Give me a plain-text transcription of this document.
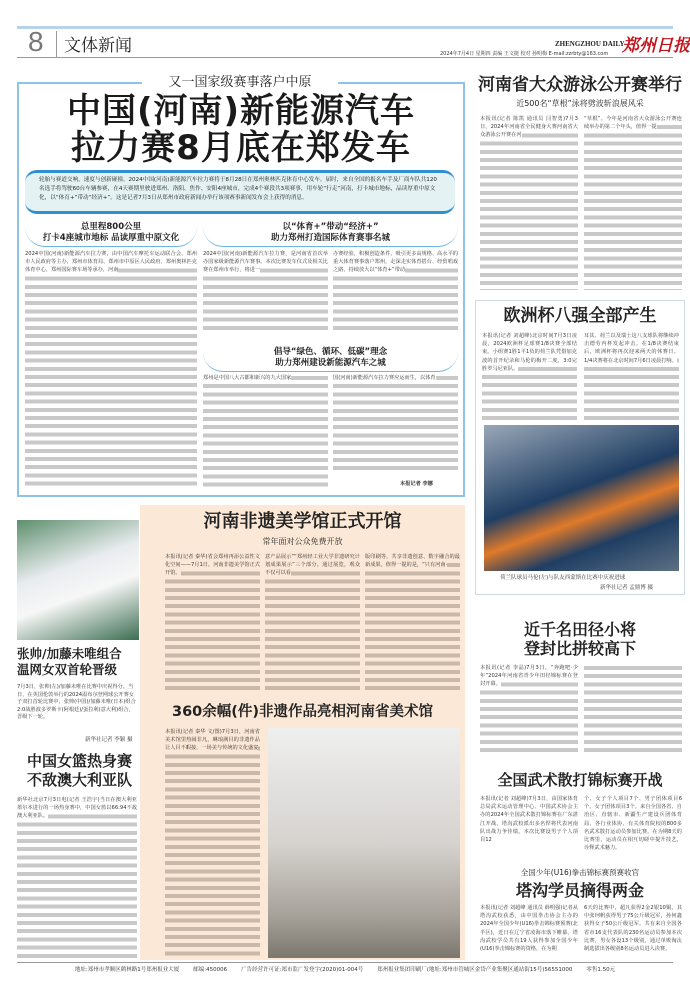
8 文体新闻	ZHENGZHOU DAILY
2024年7月4日 星期四 责编 王文捷 校对 孙明梅 E-mail:zzrbty@163.com 郑州日报
又一国家级赛事落户中原
中国(河南)新能源汽车
拉力赛8月底在郑发车
轮胎与赛道交响，速度与创新碰撞。2024中国(河南)新能源汽车拉力赛将于8月28日在郑州奥林匹克体育中心发车。届时，来自全国的报名车手及厂商车队共120名选手将驾驶60台车辆参赛，在4天赛期里驶进郑州、洛阳、焦作、安阳4座城市，完成4个赛段共3项赛事，用车轮“行走”河南，打卡城市地标，品读厚重中原文化，以“体育+”带动“经济+”。这是记者7月3日从郑州市政府新闻办举行该项赛事新闻发布会上获得的消息。
总里程800公里
打卡4座城市地标 品读厚重中原文化
2024中国(河南)新能源汽车拉力赛，由中国汽车摩托车运动联合会、郑州市人民政府等主办，郑州市体育局、郑州市中原区人民政府、郑州奥林匹克体育中心、郑州国际赛车场等承办，河南
以“体育+”带动“经济+”
助力郑州打造国际体育赛事名城
2024中国(河南)新能源汽车拉力赛，是河南省首次举办国家级新能源汽车赛事。本次比赛发车仪式及相关比赛在郑州市举行，将进一
办赛经验，积极创造条件，吸引更多高规格、高水平的重大体育赛事落户郑州，走深走实体育搭台、经贸唱戏之路，持续放大以“体育+”带动
倡导“绿色、循环、低碳”理念
助力郑州建设新能源汽车之城
郑州是中国八大古都和新兴的九大国家	国(河南)新能源汽车拉力赛应运而生，以体育
本报记者 李娜
河南省大众游泳公开赛举行
近500名“草根”泳将劈波斩浪展风采
本报讯(记者 陈凯 通讯员 闫智勇)7月3日，2024年河南省全民健身大赛河南省大众游泳公开赛在河
“草根”。今年是河南省大众游泳公开赛连续举办的第二个年头，值得一提
欧洲杯八强全部产生
本报讯(记者 刘超峰)北京时间7月3日凌晨，2024欧洲杯足球赛1/8决赛全部结束。小组赛1胜1平1负的荷兰队凭借加克波的首开纪录和马伦的梅开二度，3:0完胜罗马尼亚队。
耳其、荷兰以及瑞士这八支球队将继续冲击德劳内杯发起冲击。在1/8决赛结束后，欧洲杯将再次迎来两天的休赛日。1/4决赛将在北京时间7月6日凌晨打响。
荷兰队球员马伦(左)与队友西蒙斯在比赛中庆祝进球
新华社记者 孟鼎博 摄
张帅/加藤未唯组合
温网女双首轮晋级
7月3日，张帅(左)/加藤未唯在比赛中庆祝得分。当日，在英国伦敦举行的2024温布尔登网球公开赛女子双打首轮比赛中，张帅(中国)/加藤未唯(日本)组合2:0战胜波多罗斯卡(阿根廷)/蛋拉利(意大利)组合，晋级下一轮。
新华社记者 李颖 摄
中国女篮热身赛
不敌澳大利亚队
新华社北京7月3日电(记者 王浩宇)当日在澳大利亚墨尔本进行的一场热身赛中，中国女篮以66:94不敌澳大利亚队。
河南非遗美学馆正式开馆
常年面对公众免费开放
本报讯(记者 秦华)省会郑州再添公益性文化空间——7月1日，河南非遗美学馆正式开馆。
意产品展示”“郑州轻工业大学非遗研究计划成果展示”三个部分。通过展览，观众不仅可以看
版印刷等，共享非遗创意、数字融合的最新成果。值得一提的是，“只有河南·
360余幅(件)非遗作品亮相河南省美术馆
本报讯(记者 秦华 文/图)7月3日，河南省美术馆里热闹非凡，琳琅满目的非遗作品让人目不暇接，一场美与传统的文化盛宴
近千名田径小将
登封比拼较高下
本报讯(记者 李晶)7月3日，“奔跑吧·少年”2024年河南省青少年田径锦标赛在登封开幕。
全国武术散打锦标赛开战
本报讯(记者 刘超峰)7月3日，由国家体育总局武术运动管理中心、中国武术协会主办的2024年全国武术散打锦标赛在广东湛江开战，塔沟武校派出多名悍将代表河南队出战力争佳绩。本次比赛设男子个人项目12
个、女子个人项目7个、男子团体项目6个、女子团体项目3个。来自全国各省、自治区、直辖市、新疆生产建设兵团体育局、各行业体协、有关体育院校的800多名武术散打运动员参加比赛。在为期8天的比赛里，运动员在相互切磋中提升技艺，诠释武术魅力。
全国少年(U16)拳击锦标赛预赛收官
塔沟学员摘得两金
本报讯(记者 刘超峰 通讯员 薛明强)记者从塔沟武校获悉，由中国拳击协会主办的2024年全国少年(U16)拳击锦标赛预赛(北半区)，近日在辽宁省凌海市落下帷幕。塔沟武校学员共有19人获得参加全国少年(U16)拳击锦标赛的资格，在为期
6天的比赛中，超凡获得2金2银10铜，其中张珂帆获得男子75公斤级冠军，孙何鑫获得女子50公斤级冠军。共有来自全国各省市16支代表队的230名运动员参加本次比赛，男女各设13个级别，通过单败淘汰制选拔出各级别8名运动员进入决赛。
地址:郑州市孝顺区鹤林路1号郑州报业大厦	邮编:450006	广告经营许可证:郑市监广发登字(2020)01-004号	郑州报业集团印刷厂(地址:郑州市管城区金岱产业集聚区通站街15号)56551000	零售1.50元
